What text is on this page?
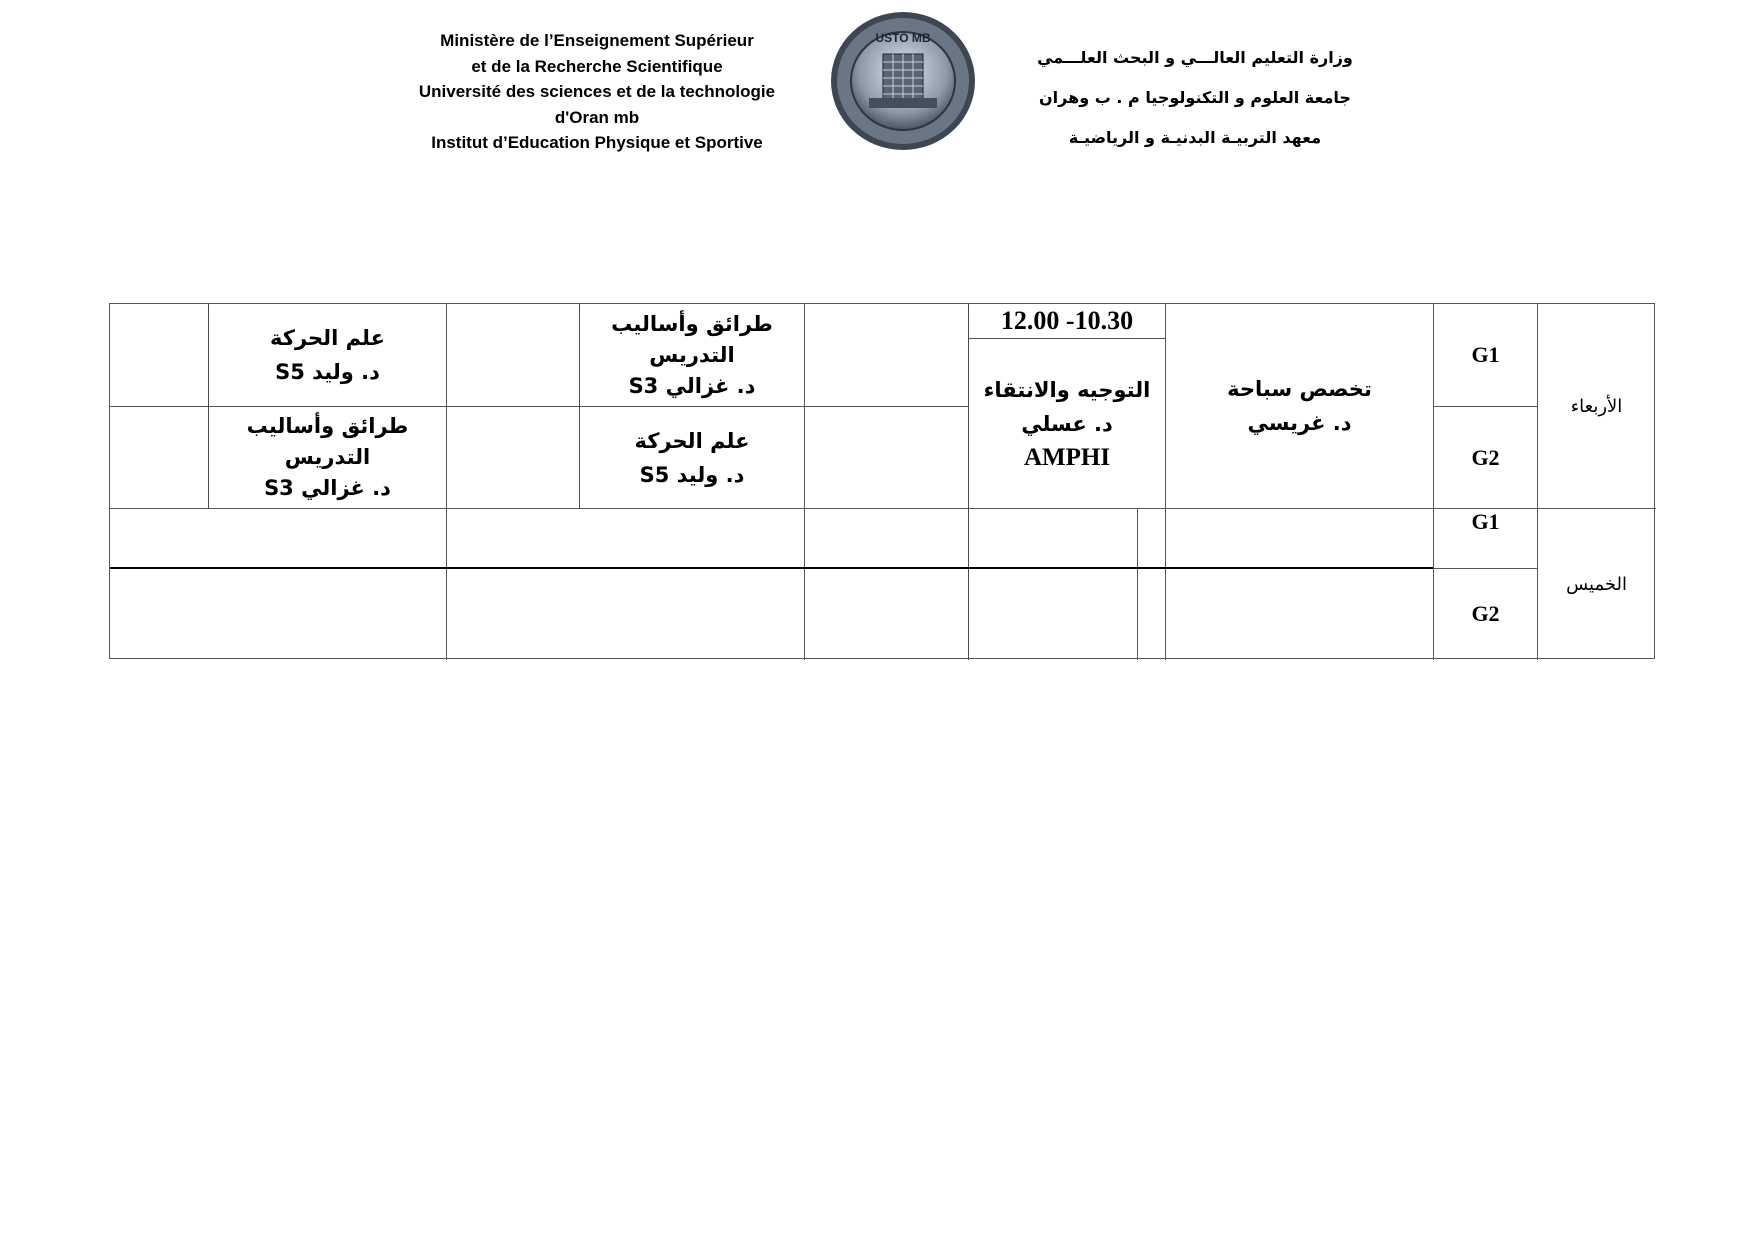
Ministère de l’Enseignement Supérieur
et de la Recherche Scientifique
Université des sciences et de la technologie
d'Oran mb
Institut d’Education Physique et Sportive
USTO MB
وزارة التعليم العالـــي و البحث العلـــمي
جامعة العلوم و التكنولوجيا م . ب وهران
معهد التربيـة البدنيـة و الرياضيـة
الأربعاء
الخميس
G1
G2
G1
G2
تخصص سباحة
د. غريسي
12.00 -10.30
التوجيه والانتقاء
د. عسلي
AMPHI
طرائق وأساليب
التدريس
د. غزالي S3
علم الحركة
د. وليد S5
علم الحركة
د. وليد S5
طرائق وأساليب
التدريس
د. غزالي S3
